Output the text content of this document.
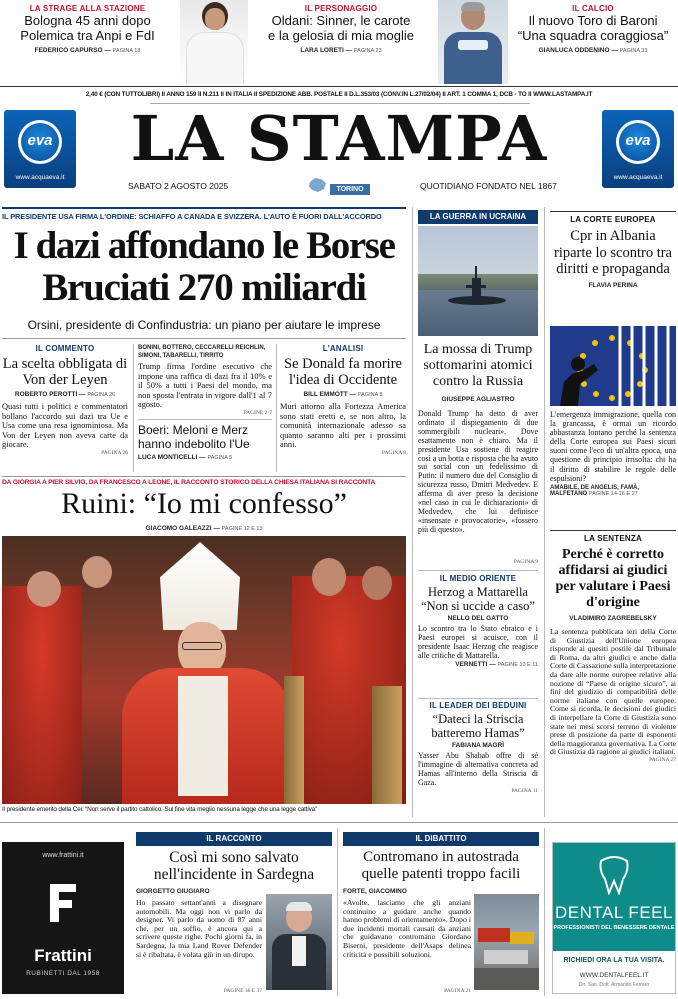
LA STRAGE ALLA STAZIONE
Bologna 45 anni dopo
Polemica tra Anpi e FdI
FEDERICO CAPURSO — PAGINA 18
IL PERSONAGGIO
Oldani: Sinner, le carote
e la gelosia di mia moglie
LARA LORETI — PAGINA 23
IL CALCIO
Il nuovo Toro di Baroni
“Una squadra coraggiosa”
GIANLUCA ODDENINO — PAGINA 33
2,40 € (CON TUTTOLIBRI) II ANNO 159 II N.211 II IN ITALIA II SPEDIZIONE ABB. POSTALE II D.L.353/03 (CONV.IN L.27/02/04) II ART. 1 COMMA 1, DCB - TO II WWW.LASTAMPA.IT
eva
www.acquaeva.it
eva
www.acquaeva.it
LA STAMPA
SABATO 2 AGOSTO 2025	TORINO	QUOTIDIANO FONDATO NEL 1867
IL PRESIDENTE USA FIRMA L'ORDINE: SCHIAFFO A CANADA E SVIZZERA. L'AUTO È FUORI DALL'ACCORDO
I dazi affondano le Borse
Bruciati 270 miliardi
Orsini, presidente di Confindustria: un piano per aiutare le imprese
IL COMMENTO
La scelta obbligata di Von der Leyen
ROBERTO PEROTTI — PAGINA 26
Quasi tutti i politici e commentatori bollano l'accordo sui dazi tra Ue e Usa come una resa ignominiosa. Ma Von der Leyen non aveva carte da giocare.
PAGINA 26
BONINI, BOTTERO, CECCARELLI REICHLIN, SIMONI, TABARELLI, TIRRITO
Trump firma l'ordine esecutivo che impone una raffica di dazi fra il 10% e il 50% a tutti i Paesi del mondo, ma non spostа l'entrata in vigore dall'1 al 7 agosto.
PAGINE 2-7
Boeri: Meloni e Merz hanno indebolito l'Ue
LUCA MONTICELLI — PAGINA 5
L'ANALISI
Se Donald fa morire l'idea di Occidente
BILL EMMOTT — PAGINA 8
Muri attorno alla Fortezza America sono stati eretti e, se non altro, la comunità internazionale adesso sa quanto saranno alti per i prossimi anni.
PAGINA 8
DA GIORGIA A PIER SILVIO, DA FRANCESCO A LEONE, IL RACCONTO STORICO DELLA CHIESA ITALIANA SI RACCONTA
Ruini: “Io mi confesso”
GIACOMO GALEAZZI — PAGINE 12 E 13
Il presidente emerito della Cei: “Non serve il partito cattolico. Sul fine vita meglio nessuna legge che una legge cattiva”
LA GUERRA IN UCRAINA
La mossa di Trump sottomarini atomici contro la Russia
GIUSEPPE AGLIASTRO
Donald Trump ha detto di aver ordinato il dispiegamento di due sommergibili nucleari». Dove esattamente non è chiaro. Ma il presidente Usa sostiene di reagire così a un botta e risposta che ha avuto sui social con un fedelissimo di Putin: il numero due del Consiglio di sicurezza russo, Dmitri Medvedev. E afferma di aver preso la decisione «nel caso in cui le dichiarazioni» di Medvedev, che lui definisce «insensate e provocatorie», «fossero più di questo».
PAGINA 9
IL MEDIO ORIENTE
Herzog a Mattarella “Non si uccide a caso”
NELLO DEL GATTO
Lo scontro tra lo Stato ebraico e i Paesi europei si acuisce, con il presidente Isaac Herzog che reagisce alle critiche di Mattarella.
VERNETTI — PAGINE 10 E 11
IL LEADER DEI BEDUINI
“Dateci la Striscia batteremo Hamas”
FABIANA MAGRÌ
Yasser Abu Shabab offre di sé l'immagine di alternativa concreta ad Hamas all'interno della Striscia di Gaza.
PAGINA 11
LA CORTE EUROPEA
Cpr in Albania riparte lo scontro tra diritti e propaganda
FLAVIA PERINA
L'emergenza immigrazione, quella con la grancassa, è ormai un ricordo abbastanza lontano perché la sentenza della Corte europea sui Paesi sicuri suoni come l'eco di un'altra epoca, una questione di principio irrisolta: chi ha il diritto di stabilire le regole delle espulsioni?
AMABILE, DE ANGELIS, FAMÀ, MALFETANO PAGINE 14-16 E 27
LA SENTENZA
Perché è corretto affidarsi ai giudici per valutare i Paesi d'origine
VLADIMIRO ZAGREBELSKY
La sentenza pubblicata ieri della Corte di Giustizia dell'Unione europea risponde ai quesiti postile dal Tribunale di Roma, da altri giudici e anche dalla Corte di Cassazione sulla interpretazione da dare alle norme europee relative alla nozione di “Paese di origine sicuro”, ai fini del giudizio di compatibilità delle norme italiane con quelle europee. Come si ricorda, le decisioni dei giudici di interpellare la Corte di Giustizia sono state nei mesi scorsi terreno di violente prese di posizione da parte di esponenti della maggioranza governativa. La Corte di Giustizia dà ragione ai giudici italiani.
PAGINA 27
www.frattini.it
Frattini
RUBINETTI DAL 1958
IL RACCONTO
Così mi sono salvato nell'incidente in Sardegna
GIORGETTO GIUGIARO
Ho passato settant'anni a disegnare automobili. Ma oggi non vi parlo da designer. Vi parlo da uomo di 87 anni che, per un soffio, è ancora qui a scrivere queste righe. Pochi giorni fa, in Sardegna, la mia Land Rover Defender si è ribaltata, è volata giù in un dirupo.
PAGINE 36 E 37
IL DIBATTITO
Contromano in autostrada quelle patenti troppo facili
FORTE, GIACOMINO
«Avolte, lasciamo che gli anziani continuino a guidare anche quando hanno problemi di orientamento». Dopo i due incidenti mortali causati da anziani che guidavano contromano Giordano Biserni, presidente dell'Asaps delinea criticità e possibili soluzioni.
PAGINA 21
DENTAL FEEL
PROFESSIONISTI DEL BENESSERE DENTALE
RICHIEDI ORA LA TUA VISITA.
WWW.DENTALFEEL.IT
Dir. San. Dott. Armando Ferraro
